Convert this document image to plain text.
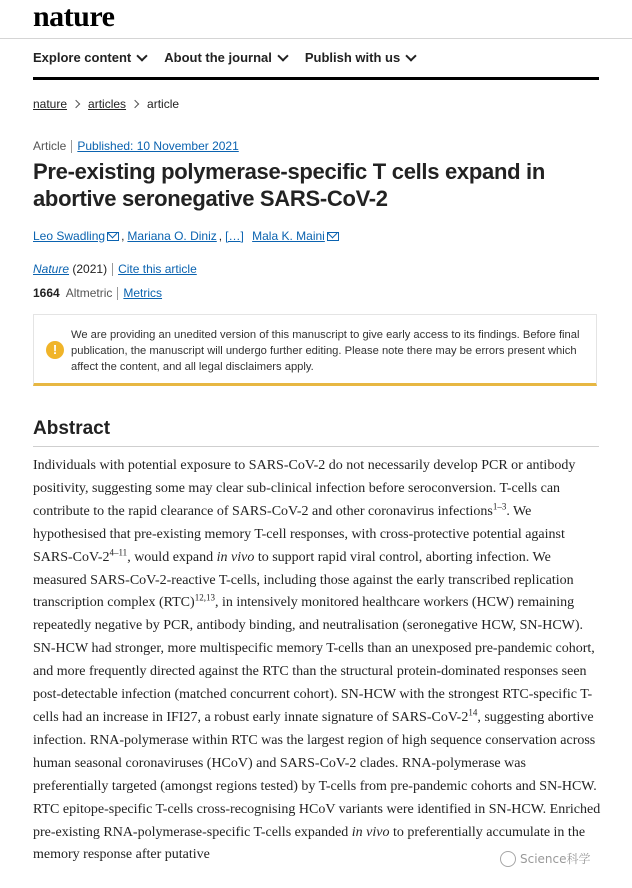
nature
Explore content	About the journal	Publish with us
nature articles article
Article Published: 10 November 2021
Pre-existing polymerase-specific T cells expand in abortive seronegative SARS-CoV-2
Leo Swadling , Mariana O. Diniz , […]
Mala K. Maini
Nature
(2021) Cite this article
1664 Altmetric Metrics
!
We are providing an unedited version of this manuscript to give early access to its findings. Before final publication, the manuscript will undergo further editing. Please note there may be errors present which affect the content, and all legal disclaimers apply.
Abstract
Individuals with potential exposure to SARS-CoV-2 do not necessarily develop PCR or antibody positivity, suggesting some may clear sub-clinical infection before seroconversion. T-cells can contribute to the rapid clearance of SARS-CoV-2 and other coronavirus infections$^{1-3}$. We hypothesised that pre-existing memory T-cell responses, with cross-protective potential against SARS-CoV-2$^{4-11}$, would expand in vivo to support rapid viral control, aborting infection. We measured SARS-CoV-2-reactive T-cells, including those against the early transcribed replication transcription complex (RTC)$^{12,13}$, in intensively monitored healthcare workers (HCW) remaining repeatedly negative by PCR, antibody binding, and neutralisation (seronegative HCW, SN-HCW). SN-HCW had stronger, more multispecific memory T-cells than an unexposed pre-pandemic cohort, and more frequently directed against the RTC than the structural protein-dominated responses seen post-detectable infection (matched concurrent cohort). SN-HCW with the strongest RTC-specific T-cells had an increase in IFI27, a robust early innate signature of SARS-$CoV-2^{14}$, suggesting abortive infection. RNA-polymerase within RTC was the largest region of high sequence conservation across human seasonal coronaviruses (HCoV) and SARS-CoV-2 clades. RNA-polymerase was preferentially targeted (amongst regions tested) by T-cells from pre-pandemic cohorts and SN-HCW. RTC epitope-specific T-cells cross-recognising HCoV variants were identified in SN-HCW. Enriched pre-existing RNA-polymerase-specific T-cells expanded in vivo to preferentially accumulate in the memory response after putative	Science科学
